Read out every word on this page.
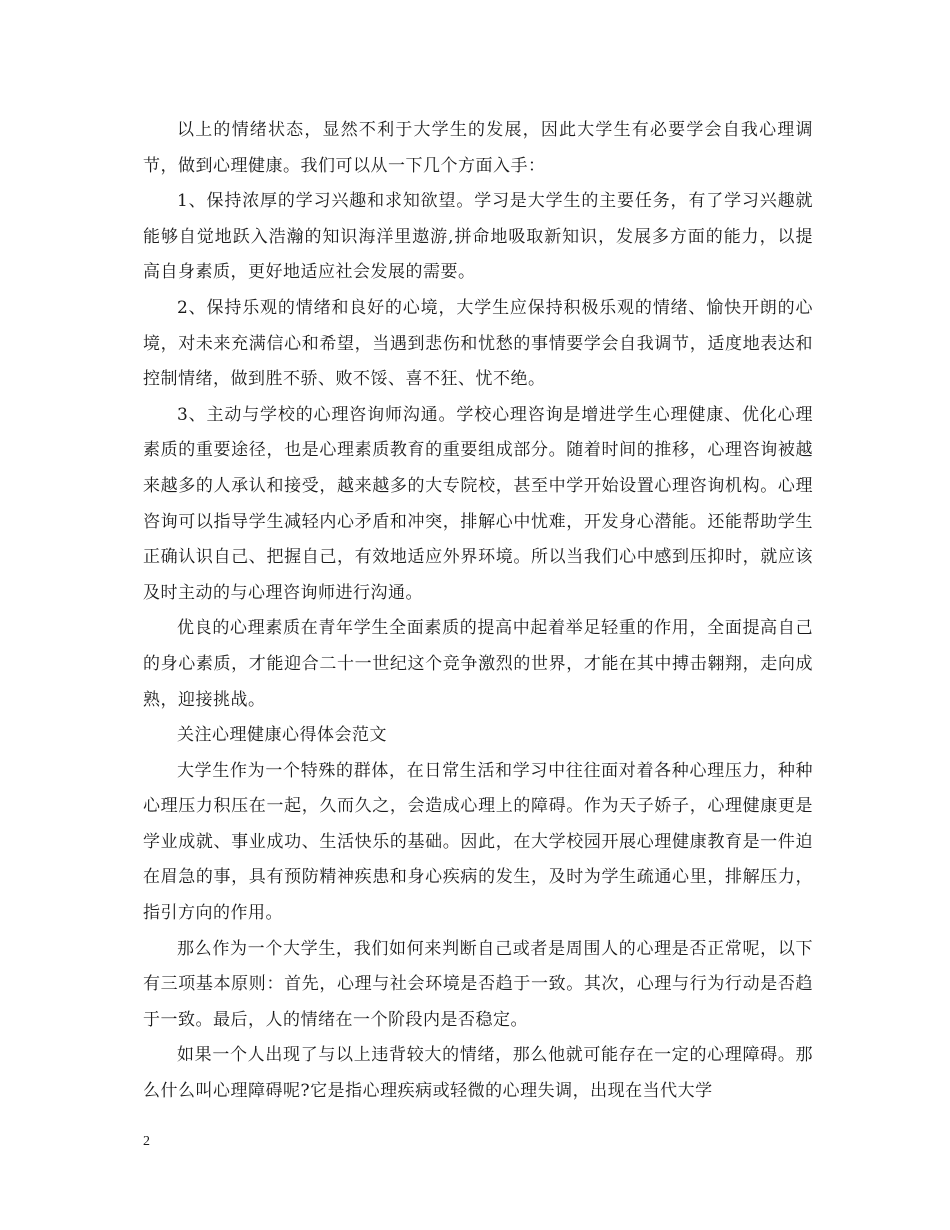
以上的情绪状态，显然不利于大学生的发展，因此大学生有必要学会自我心理调节，做到心理健康。我们可以从一下几个方面入手：

1、保持浓厚的学习兴趣和求知欲望。学习是大学生的主要任务，有了学习兴趣就能够自觉地跃入浩瀚的知识海洋里遨游,拼命地吸取新知识，发展多方面的能力，以提高自身素质，更好地适应社会发展的需要。

2、保持乐观的情绪和良好的心境，大学生应保持积极乐观的情绪、愉快开朗的心境，对未来充满信心和希望，当遇到悲伤和忧愁的事情要学会自我调节，适度地表达和控制情绪，做到胜不骄、败不馁、喜不狂、忧不绝。

3、主动与学校的心理咨询师沟通。学校心理咨询是增进学生心理健康、优化心理素质的重要途径，也是心理素质教育的重要组成部分。随着时间的推移，心理咨询被越来越多的人承认和接受，越来越多的大专院校，甚至中学开始设置心理咨询机构。心理咨询可以指导学生减轻内心矛盾和冲突，排解心中忧难，开发身心潜能。还能帮助学生正确认识自己、把握自己，有效地适应外界环境。所以当我们心中感到压抑时，就应该及时主动的与心理咨询师进行沟通。

优良的心理素质在青年学生全面素质的提高中起着举足轻重的作用，全面提高自己的身心素质，才能迎合二十一世纪这个竞争激烈的世界，才能在其中搏击翱翔，走向成熟，迎接挑战。

关注心理健康心得体会范文

大学生作为一个特殊的群体，在日常生活和学习中往往面对着各种心理压力，种种心理压力积压在一起，久而久之，会造成心理上的障碍。作为天子娇子，心理健康更是学业成就、事业成功、生活快乐的基础。因此，在大学校园开展心理健康教育是一件迫在眉急的事，具有预防精神疾患和身心疾病的发生，及时为学生疏通心里，排解压力，指引方向的作用。

那么作为一个大学生，我们如何来判断自己或者是周围人的心理是否正常呢，以下有三项基本原则：首先，心理与社会环境是否趋于一致。其次，心理与行为行动是否趋于一致。最后，人的情绪在一个阶段内是否稳定。

如果一个人出现了与以上违背较大的情绪，那么他就可能存在一定的心理障碍。那么什么叫心理障碍呢?它是指心理疾病或轻微的心理失调，出现在当代大学

2
